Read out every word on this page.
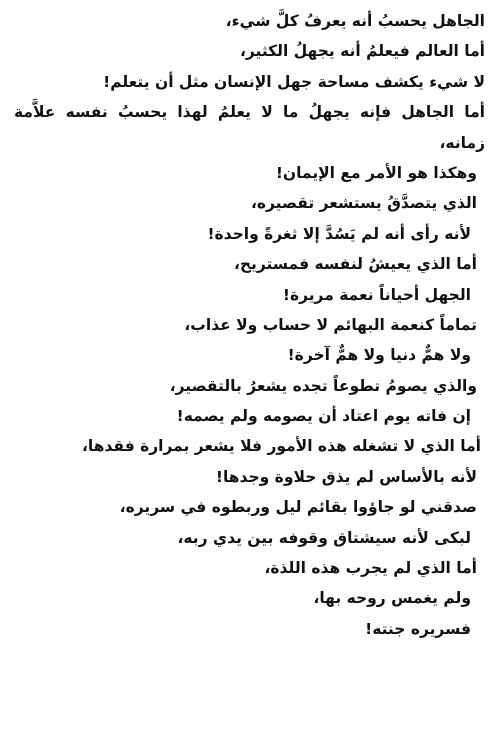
الجاهل يحسبُ أنه يعرفُ كلَّ شيء،
أما العالم فيعلمُ أنه يجهلُ الكثير،
لا شيء يكشف مساحة جهل الإنسان مثل أن يتعلم!
أما الجاهل فإنه يجهلُ ما لا يعلمُ لهذا يحسبُ نفسه علاَّمة
زمانه،
وهكذا هو الأمر مع الإيمان!
الذي يتصدَّقُ يستشعر تقصيره،
لأنه رأى أنه لم يَسُدَّ إلا ثغرةً واحدة!
أما الذي يعيشُ لنفسه فمستريح،
الجهل أحياناً نعمة مريرة!
تماماً كنعمة البهائم لا حساب ولا عذاب،
ولا همٌّ دنيا ولا همٌّ آخرة!
والذي يصومُ تطوعاً تجده يشعرُ بالتقصير،
إن فاته يوم اعتاد أن يصومه ولم يصمه!
أما الذي لا تشغله هذه الأمور فلا يشعر بمرارة فقدها،
لأنه بالأساس لم يذق حلاوة وجدها!
صدقني لو جاؤوا بقائم ليل وربطوه في سريره،
لبكى لأنه سيشتاق وقوفه بين يدي ربه،
أما الذي لم يجرب هذه اللذة،
ولم يغمس روحه بها،
فسريره جنته!
